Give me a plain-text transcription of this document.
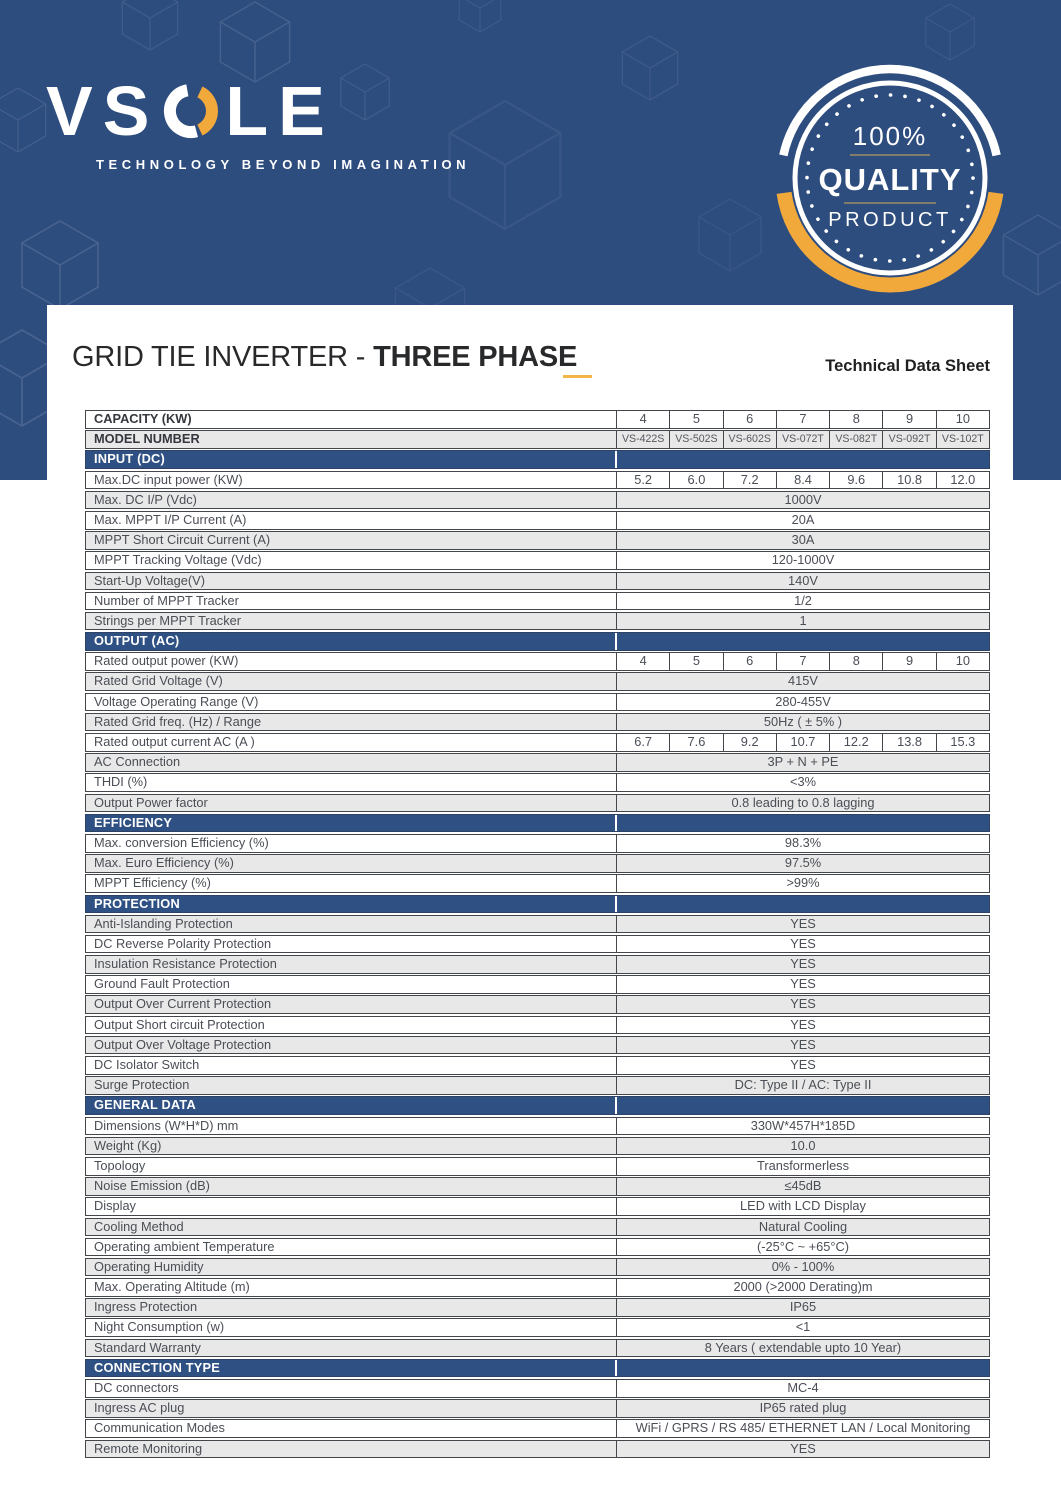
VS LE
TECHNOLOGY BEYOND IMAGINATION
100%
QUALITY
PRODUCT
GRID TIE INVERTER - THREE PHASE	Technical Data Sheet
CAPACITY (KW)	4	5	6	7	8	9	10
MODEL NUMBER	VS-422S	VS-502S	VS-602S	VS-072T	VS-082T	VS-092T	VS-102T
INPUT (DC)
Max.DC input power (KW)	5.2	6.0	7.2	8.4	9.6	10.8	12.0
Max. DC I/P (Vdc)	1000V
Max. MPPT I/P Current (A)	20A
MPPT Short Circuit Current (A)	30A
MPPT Tracking Voltage (Vdc)	120-1000V
Start-Up Voltage(V)	140V
Number of MPPT Tracker	1/2
Strings per MPPT Tracker	1
OUTPUT (AC)
Rated output power (KW)	4	5	6	7	8	9	10
Rated Grid Voltage (V)	415V
Voltage Operating Range (V)	280-455V
Rated Grid freq. (Hz) / Range	50Hz ( ± 5% )
Rated output current AC (A )	6.7	7.6	9.2	10.7	12.2	13.8	15.3
AC Connection	3P + N + PE
THDI (%)	<3%
Output Power factor	0.8 leading to 0.8 lagging
EFFICIENCY
Max. conversion Efficiency (%)	98.3%
Max. Euro Efficiency (%)	97.5%
MPPT Efficiency (%)	>99%
PROTECTION
Anti-Islanding Protection	YES
DC Reverse Polarity Protection	YES
Insulation Resistance Protection	YES
Ground Fault Protection	YES
Output Over Current Protection	YES
Output Short circuit Protection	YES
Output Over Voltage Protection	YES
DC Isolator Switch	YES
Surge Protection	DC: Type II / AC: Type II
GENERAL DATA
Dimensions (W*H*D) mm	330W*457H*185D
Weight (Kg)	10.0
Topology	Transformerless
Noise Emission (dB)	≤45dB
Display	LED with LCD Display
Cooling Method	Natural Cooling
Operating ambient Temperature	(-25°C ~ +65°C)
Operating Humidity	0% - 100%
Max. Operating Altitude (m)	2000 (>2000 Derating)m
Ingress Protection	IP65
Night Consumption (w)	<1
Standard Warranty	8 Years ( extendable upto 10 Year)
CONNECTION TYPE
DC connectors	MC-4
Ingress AC plug	IP65 rated plug
Communication Modes	WiFi / GPRS / RS 485/ ETHERNET LAN / Local Monitoring
Remote Monitoring	YES
